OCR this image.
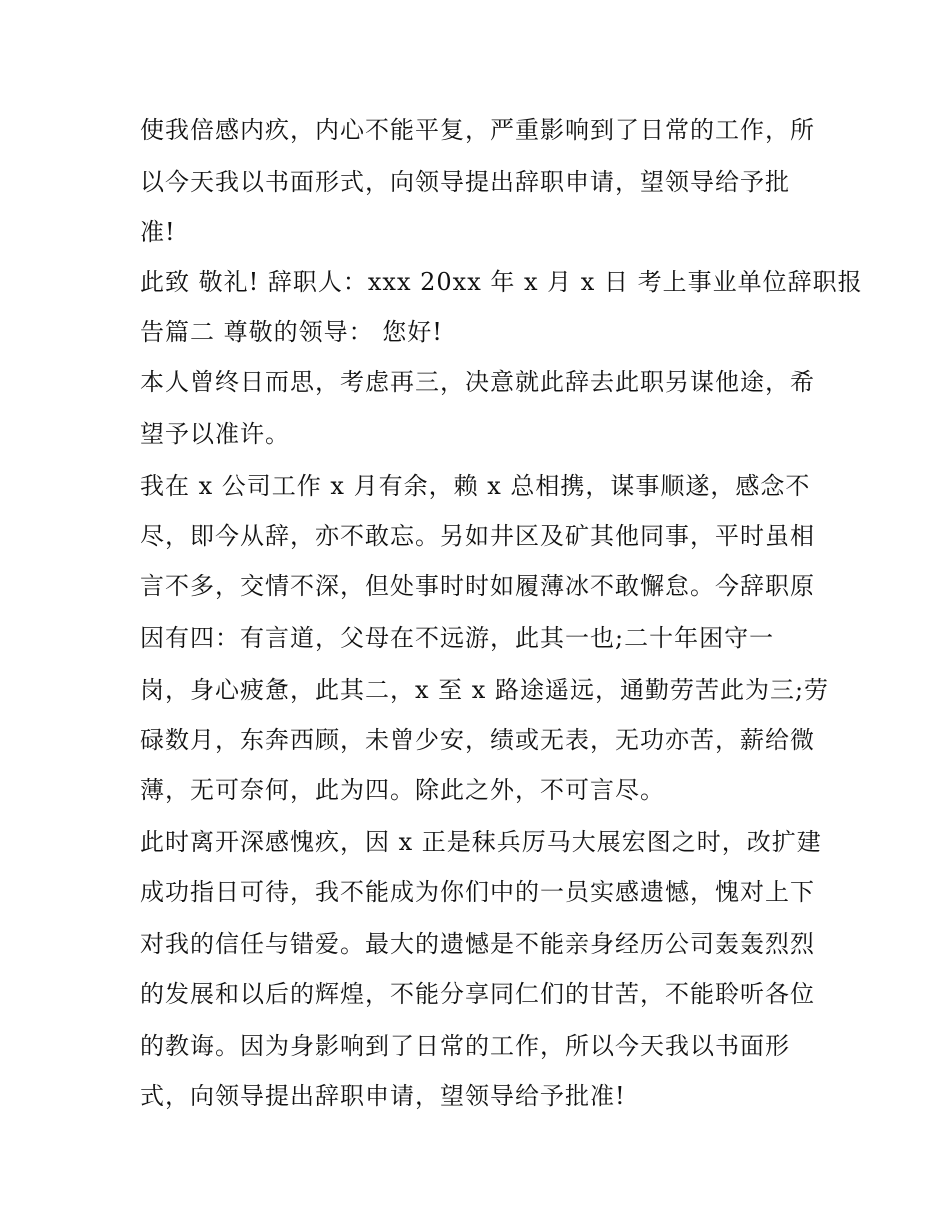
使我倍感内疚，内心不能平复，严重影响到了日常的工作，所
以今天我以书面形式，向领导提出辞职申请，望领导给予批
准!
此致 敬礼! 辞职人：xxx 20xx 年 x 月 x 日 考上事业单位辞职报
告篇二 尊敬的领导： 您好!
本人曾终日而思，考虑再三，决意就此辞去此职另谋他途，希
望予以准许。
我在 x 公司工作 x 月有余，赖 x 总相携，谋事顺遂，感念不
尽，即今从辞，亦不敢忘。另如井区及矿其他同事，平时虽相
言不多，交情不深，但处事时时如履薄冰不敢懈怠。今辞职原
因有四：有言道，父母在不远游，此其一也;二十年困守一
岗，身心疲惫，此其二，x 至 x 路途遥远，通勤劳苦此为三;劳
碌数月，东奔西顾，未曾少安，绩或无表，无功亦苦，薪给微
薄，无可奈何，此为四。除此之外，不可言尽。
此时离开深感愧疚，因 x 正是秣兵厉马大展宏图之时，改扩建
成功指日可待，我不能成为你们中的一员实感遗憾，愧对上下
对我的信任与错爱。最大的遗憾是不能亲身经历公司轰轰烈烈
的发展和以后的辉煌，不能分享同仁们的甘苦，不能聆听各位
的教诲。因为身影响到了日常的工作，所以今天我以书面形
式，向领导提出辞职申请，望领导给予批准!
